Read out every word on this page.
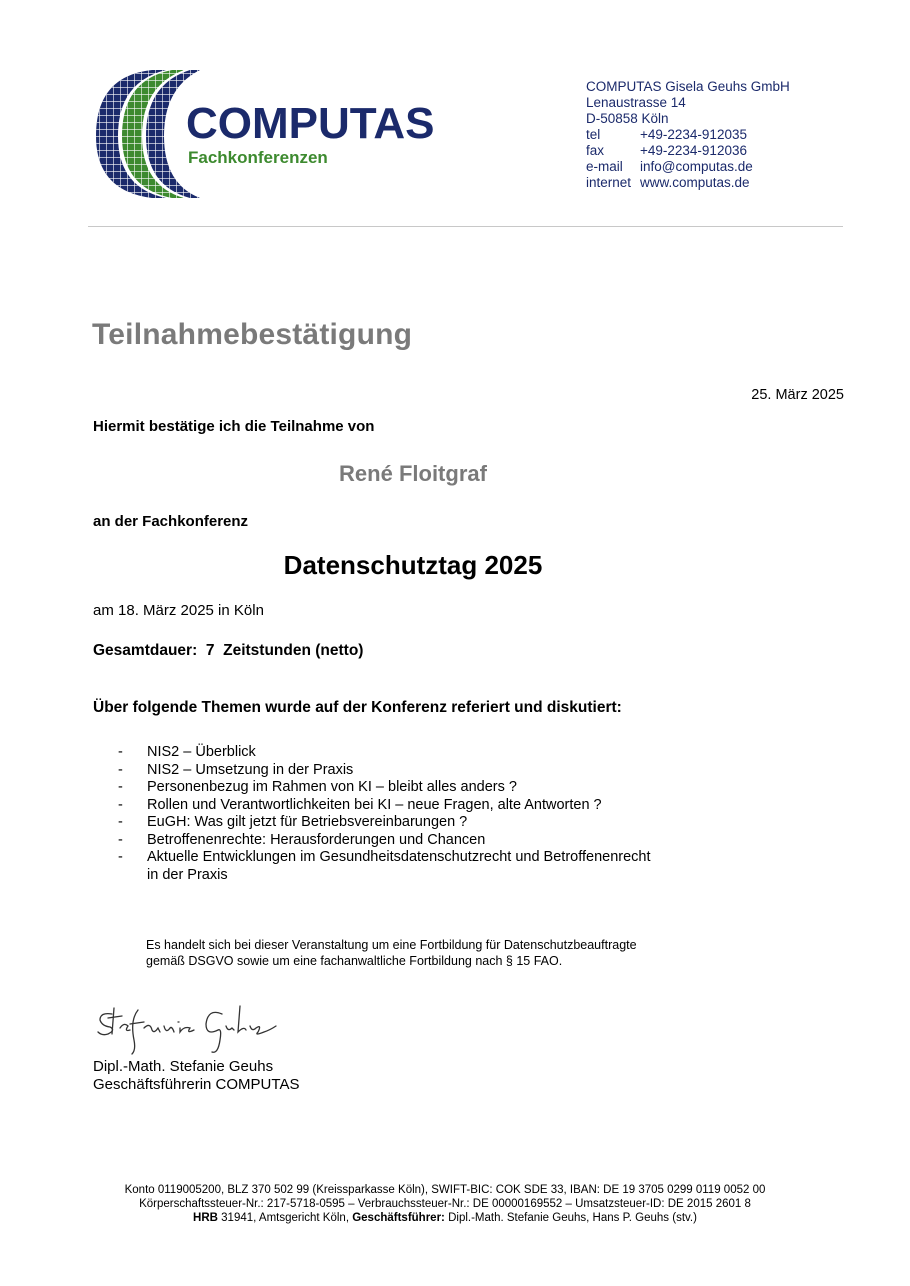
COMPUTAS
Fachkonferenzen
COMPUTAS Gisela Geuhs GmbH
Lenaustrasse 14
D-50858 Köln
tel	+49-2234-912035
fax	+49-2234-912036
e-mail	info@computas.de
internet www.computas.de
Teilnahmebestätigung
25. März 2025
Hiermit bestätige ich die Teilnahme von
René Floitgraf
an der Fachkonferenz
Datenschutztag 2025
am 18. März 2025 in Köln
Gesamtdauer: 7 Zeitstunden (netto)
Über folgende Themen wurde auf der Konferenz referiert und diskutiert:
-	NIS2 – Überblick
-	NIS2 – Umsetzung in der Praxis
-	Personenbezug im Rahmen von KI – bleibt alles anders ?
-	Rollen und Verantwortlichkeiten bei KI – neue Fragen, alte Antworten ?
-	EuGH: Was gilt jetzt für Betriebsvereinbarungen ?
-	Betroffenenrechte: Herausforderungen und Chancen
-	Aktuelle Entwicklungen im Gesundheitsdatenschutzrecht und Betroffenenrecht
in der Praxis
Es handelt sich bei dieser Veranstaltung um eine Fortbildung für Datenschutzbeauftragte
gemäß DSGVO sowie um eine fachanwaltliche Fortbildung nach § 15 FAO.
Dipl.-Math. Stefanie Geuhs
Geschäftsführerin COMPUTAS
Konto 0119005200, BLZ 370 502 99 (Kreissparkasse Köln), SWIFT-BIC: COK SDE 33, IBAN: DE 19 3705 0299 0119 0052 00
Körperschaftssteuer-Nr.: 217-5718-0595 – Verbrauchssteuer-Nr.: DE 00000169552 – Umsatzsteuer-ID: DE 2015 2601 8
HRB 31941, Amtsgericht Köln, Geschäftsführer: Dipl.-Math. Stefanie Geuhs, Hans P. Geuhs (stv.)
